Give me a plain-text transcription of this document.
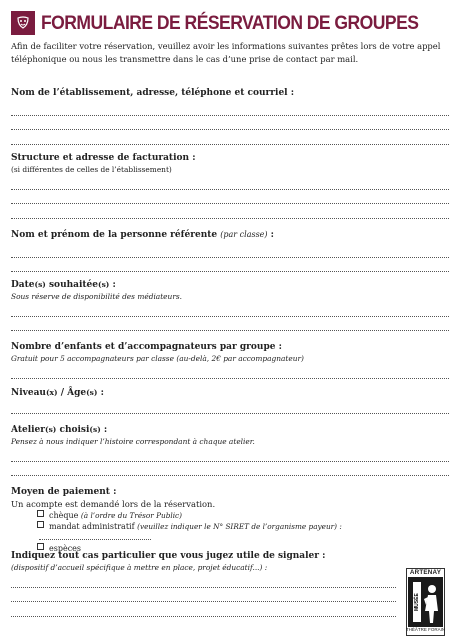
FORMULAIRE DE RÉSERVATION DE GROUPES
Afin de faciliter votre réservation, veuillez avoir les informations suivantes prêtes lors de votre appel téléphonique ou nous les transmettre dans le cas d’une prise de contact par mail.
Nom de l’établissement, adresse, téléphone et courriel :
Structure et adresse de facturation :
(si différentes de celles de l’établissement)
Nom et prénom de la personne référente (par classe) :
Date(s) souhaitée(s) :
Sous réserve de disponibilité des médiateurs.
Nombre d’enfants et d’accompagnateurs par groupe :
Gratuit pour 5 accompagnateurs par classe (au-delà, 2€ par accompagnateur)
Niveau(x) / Âge(s) :
Atelier(s) choisi(s) :
Pensez à nous indiquer l’histoire correspondant à chaque atelier.
Moyen de paiement :
Un acompte est demandé lors de la réservation.
chèque (à l’ordre du Trésor Public)
mandat administratif (veuillez indiquer le N° SIRET de l’organisme payeur) :
espèces
Indiquez tout cas particulier que vous jugez utile de signaler :
(dispositif d’accueil spécifique à mettre en place, projet éducatif...) :
ARTENAY
MUSÉE
THÉÂTRE FORAIN
